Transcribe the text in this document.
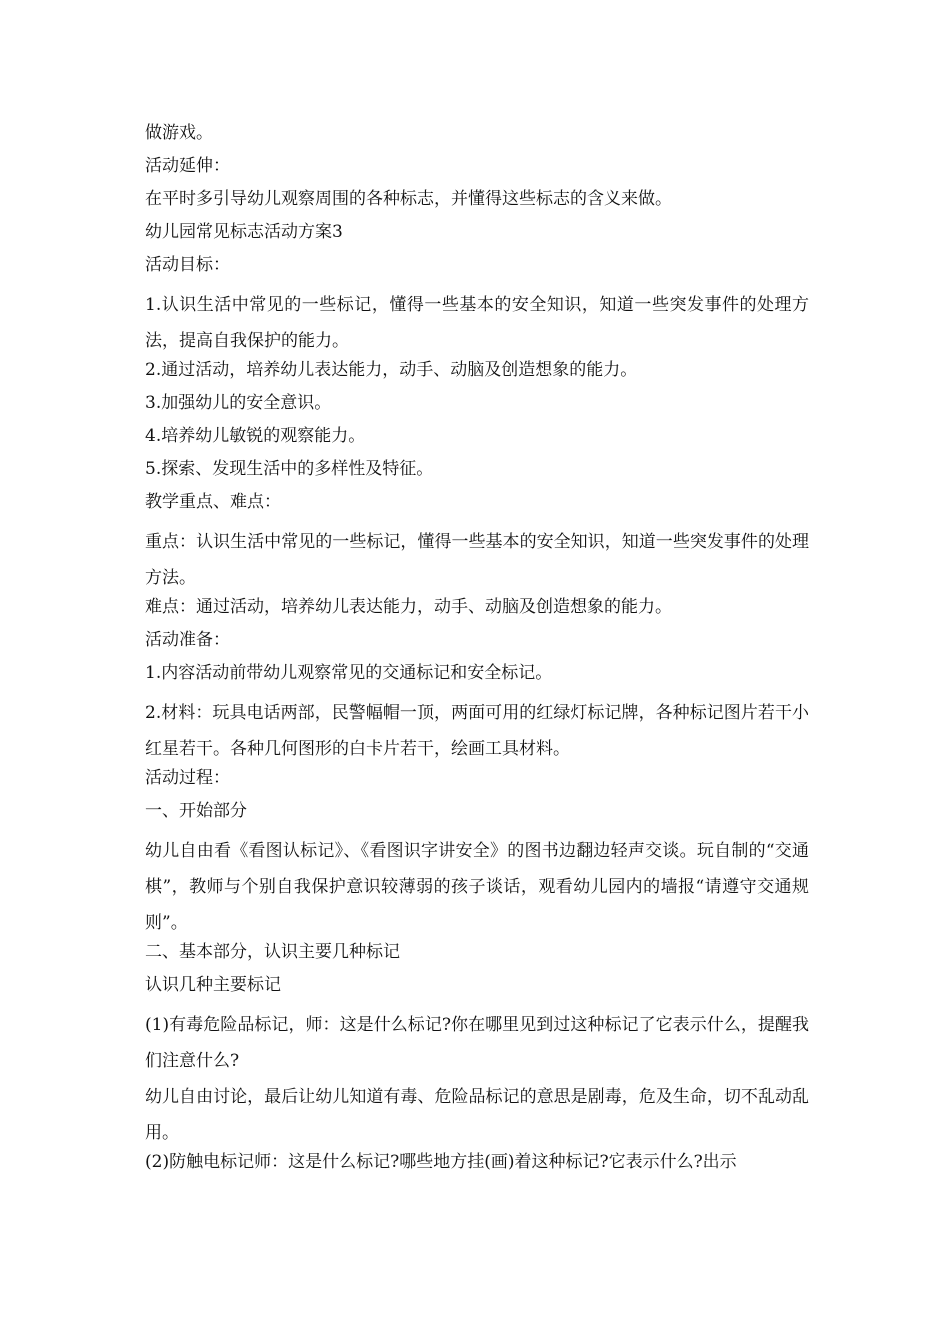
做游戏。
活动延伸：
在平时多引导幼儿观察周围的各种标志，并懂得这些标志的含义来做。
幼儿园常见标志活动方案3
活动目标：
1.认识生活中常见的一些标记，懂得一些基本的安全知识，知道一些突发事件的处理方法，提高自我保护的能力。
2.通过活动，培养幼儿表达能力，动手、动脑及创造想象的能力。
3.加强幼儿的安全意识。
4.培养幼儿敏锐的观察能力。
5.探索、发现生活中的多样性及特征。
教学重点、难点：
重点：认识生活中常见的一些标记，懂得一些基本的安全知识，知道一些突发事件的处理方法。
难点：通过活动，培养幼儿表达能力，动手、动脑及创造想象的能力。
活动准备：
1.内容活动前带幼儿观察常见的交通标记和安全标记。
2.材料：玩具电话两部，民警幅帽一顶，两面可用的红绿灯标记牌，各种标记图片若干小红星若干。各种几何图形的白卡片若干，绘画工具材料。
活动过程：
一、开始部分
幼儿自由看《看图认标记》、《看图识字讲安全》的图书边翻边轻声交谈。玩自制的“交通棋”，教师与个别自我保护意识较薄弱的孩子谈话，观看幼儿园内的墙报“请遵守交通规则”。
二、基本部分，认识主要几种标记
认识几种主要标记
(1)有毒危险品标记，师：这是什么标记?你在哪里见到过这种标记了它表示什么，提醒我们注意什么?
幼儿自由讨论，最后让幼儿知道有毒、危险品标记的意思是剧毒，危及生命，切不乱动乱用。
(2)防触电标记师：这是什么标记?哪些地方挂(画)着这种标记?它表示什么?出示
